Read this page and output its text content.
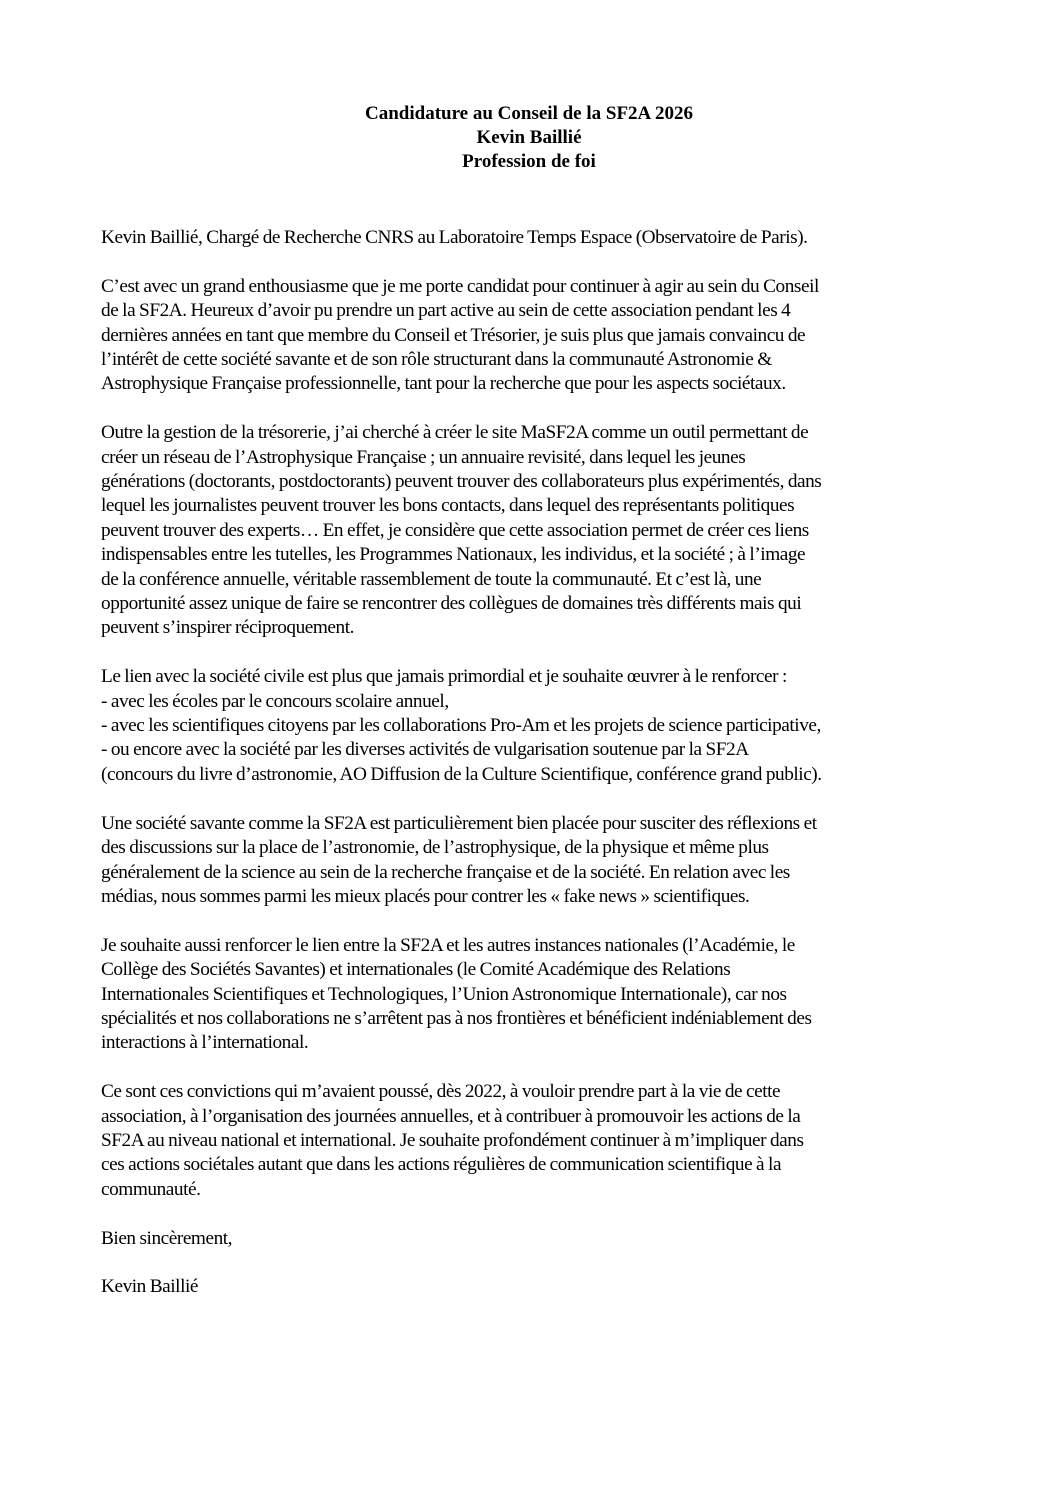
Candidature au Conseil de la SF2A 2026
Kevin Baillié
Profession de foi
Kevin Baillié, Chargé de Recherche CNRS au Laboratoire Temps Espace (Observatoire de Paris).
C’est avec un grand enthousiasme que je me porte candidat pour continuer à agir au sein du Conseil
de la SF2A. Heureux d’avoir pu prendre un part active au sein de cette association pendant les 4
dernières années en tant que membre du Conseil et Trésorier, je suis plus que jamais convaincu de
l’intérêt de cette société savante et de son rôle structurant dans la communauté Astronomie &
Astrophysique Française professionnelle, tant pour la recherche que pour les aspects sociétaux.
Outre la gestion de la trésorerie, j’ai cherché à créer le site MaSF2A comme un outil permettant de
créer un réseau de l’Astrophysique Française ; un annuaire revisité, dans lequel les jeunes
générations (doctorants, postdoctorants) peuvent trouver des collaborateurs plus expérimentés, dans
lequel les journalistes peuvent trouver les bons contacts, dans lequel des représentants politiques
peuvent trouver des experts… En effet, je considère que cette association permet de créer ces liens
indispensables entre les tutelles, les Programmes Nationaux, les individus, et la société ; à l’image
de la conférence annuelle, véritable rassemblement de toute la communauté. Et c’est là, une
opportunité assez unique de faire se rencontrer des collègues de domaines très différents mais qui
peuvent s’inspirer réciproquement.
Le lien avec la société civile est plus que jamais primordial et je souhaite œuvrer à le renforcer :
- avec les écoles par le concours scolaire annuel,
- avec les scientifiques citoyens par les collaborations Pro-Am et les projets de science participative,
- ou encore avec la société par les diverses activités de vulgarisation soutenue par la SF2A
(concours du livre d’astronomie, AO Diffusion de la Culture Scientifique, conférence grand public).
Une société savante comme la SF2A est particulièrement bien placée pour susciter des réflexions et
des discussions sur la place de l’astronomie, de l’astrophysique, de la physique et même plus
généralement de la science au sein de la recherche française et de la société. En relation avec les
médias, nous sommes parmi les mieux placés pour contrer les « fake news » scientifiques.
Je souhaite aussi renforcer le lien entre la SF2A et les autres instances nationales (l’Académie, le
Collège des Sociétés Savantes) et internationales (le Comité Académique des Relations
Internationales Scientifiques et Technologiques, l’Union Astronomique Internationale), car nos
spécialités et nos collaborations ne s’arrêtent pas à nos frontières et bénéficient indéniablement des
interactions à l’international.
Ce sont ces convictions qui m’avaient poussé, dès 2022, à vouloir prendre part à la vie de cette
association, à l’organisation des journées annuelles, et à contribuer à promouvoir les actions de la
SF2A au niveau national et international. Je souhaite profondément continuer à m’impliquer dans
ces actions sociétales autant que dans les actions régulières de communication scientifique à la
communauté.
Bien sincèrement,
Kevin Baillié
